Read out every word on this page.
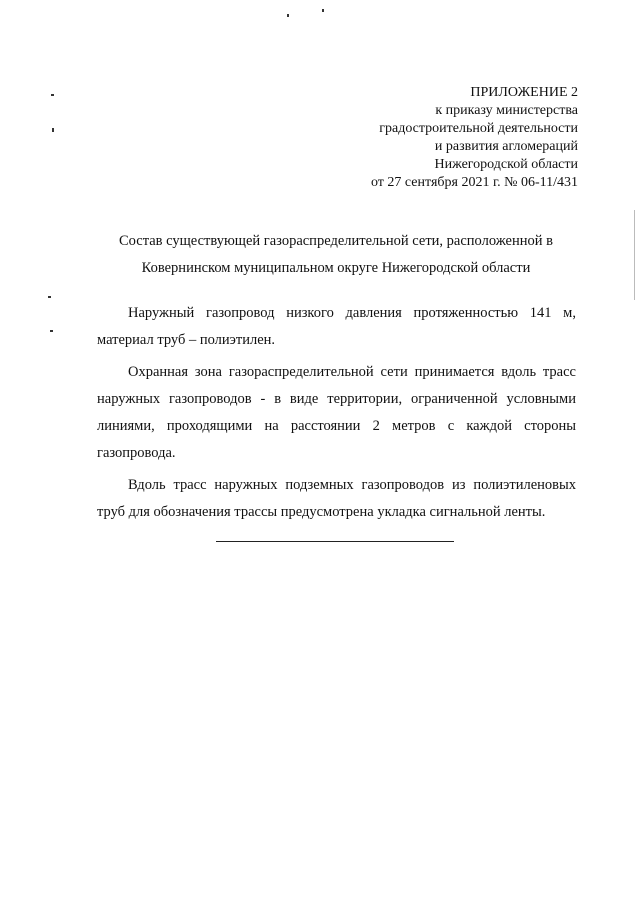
ПРИЛОЖЕНИЕ 2
к приказу министерства
градостроительной деятельности
и развития агломераций
Нижегородской области
от 27 сентября 2021 г. № 06-11/431
Состав существующей газораспределительной сети, расположенной в
Ковернинском муниципальном округе Нижегородской области

Наружный газопровод низкого давления протяженностью 141 м, материал труб – полиэтилен.

Охранная зона газораспределительной сети принимается вдоль трасс наружных газопроводов - в виде территории, ограниченной условными линиями, проходящими на расстоянии 2 метров с каждой стороны газопровода.

Вдоль трасс наружных подземных газопроводов из полиэтиленовых труб для обозначения трассы предусмотрена укладка сигнальной ленты.
